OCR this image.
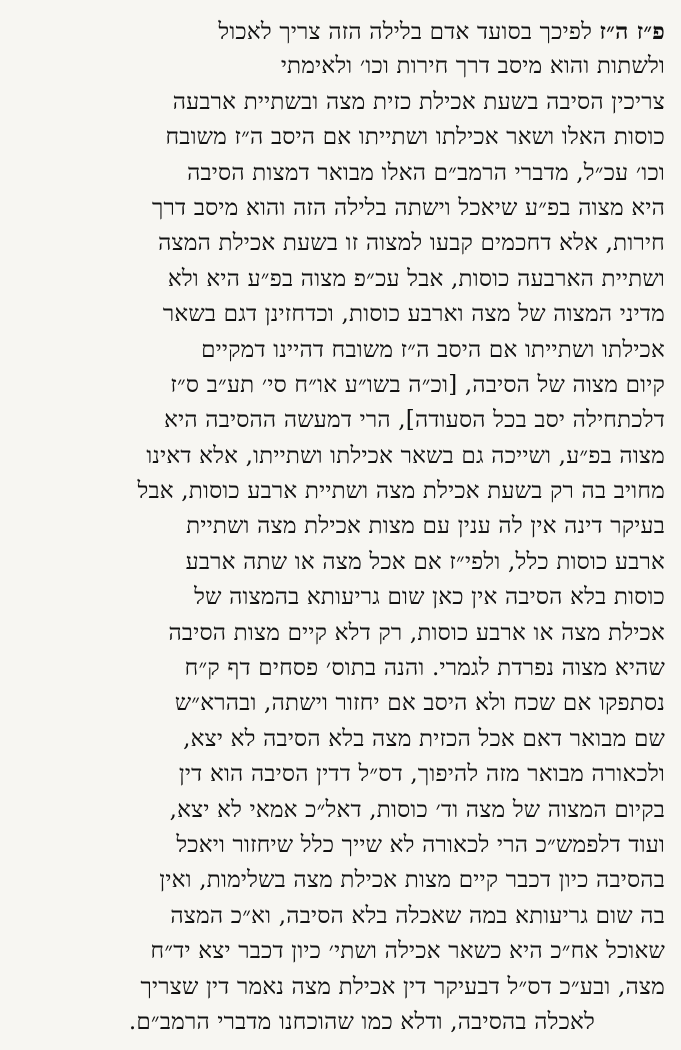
פ״ז ה״ז לפיכך בסועד אדם בלילה הזה צריך לאכול
ולשתות והוא מיסב דרך חירות וכו׳ ולאימתי
צריכין הסיבה בשעת אכילת כזית מצה ובשתיית ארבעה
כוסות האלו ושאר אכילתו ושתייתו אם היסב ה״ז משובח
וכו׳ עכ״ל, מדברי הרמב״ם האלו מבואר דמצות הסיבה
היא מצוה בפ״ע שיאכל וישתה בלילה הזה והוא מיסב דרך
חירות, אלא דחכמים קבעו למצוה זו בשעת אכילת המצה
ושתיית הארבעה כוסות, אבל עכ״פ מצוה בפ״ע היא ולא
מדיני המצוה של מצה וארבע כוסות, וכדחזינן דגם בשאר
אכילתו ושתייתו אם היסב ה״ז משובח דהיינו דמקיים
קיום מצוה של הסיבה, [וכ״ה בשו״ע או״ח סי׳ תע״ב ס״ז
דלכתחילה יסב בכל הסעודה], הרי דמעשה ההסיבה היא
מצוה בפ״ע, ושייכה גם בשאר אכילתו ושתייתו, אלא דאינו
מחויב בה רק בשעת אכילת מצה ושתיית ארבע כוסות, אבל
בעיקר דינה אין לה ענין עם מצות אכילת מצה ושתיית
ארבע כוסות כלל, ולפי״ז אם אכל מצה או שתה ארבע
כוסות בלא הסיבה אין כאן שום גריעותא בהמצוה של
אכילת מצה או ארבע כוסות, רק דלא קיים מצות הסיבה
שהיא מצוה נפרדת לגמרי. והנה בתוס׳ פסחים דף ק״ח
נסתפקו אם שכח ולא היסב אם יחזור וישתה, ובהרא״ש
שם מבואר דאם אכל הכזית מצה בלא הסיבה לא יצא,
ולכאורה מבואר מזה להיפוך, דס״ל דדין הסיבה הוא דין
בקיום המצוה של מצה וד׳ כוסות, דאל״כ אמאי לא יצא,
ועוד דלפמש״כ הרי לכאורה לא שייך כלל שיחזור ויאכל
בהסיבה כיון דכבר קיים מצות אכילת מצה בשלימות, ואין
בה שום גריעותא במה שאכלה בלא הסיבה, וא״כ המצה
שאוכל אח״כ היא כשאר אכילה ושתי׳ כיון דכבר יצא יד״ח
מצה, ובע״כ דס״ל דבעיקר דין אכילת מצה נאמר דין שצריך
לאכלה בהסיבה, ודלא כמו שהוכחנו מדברי הרמב״ם.
